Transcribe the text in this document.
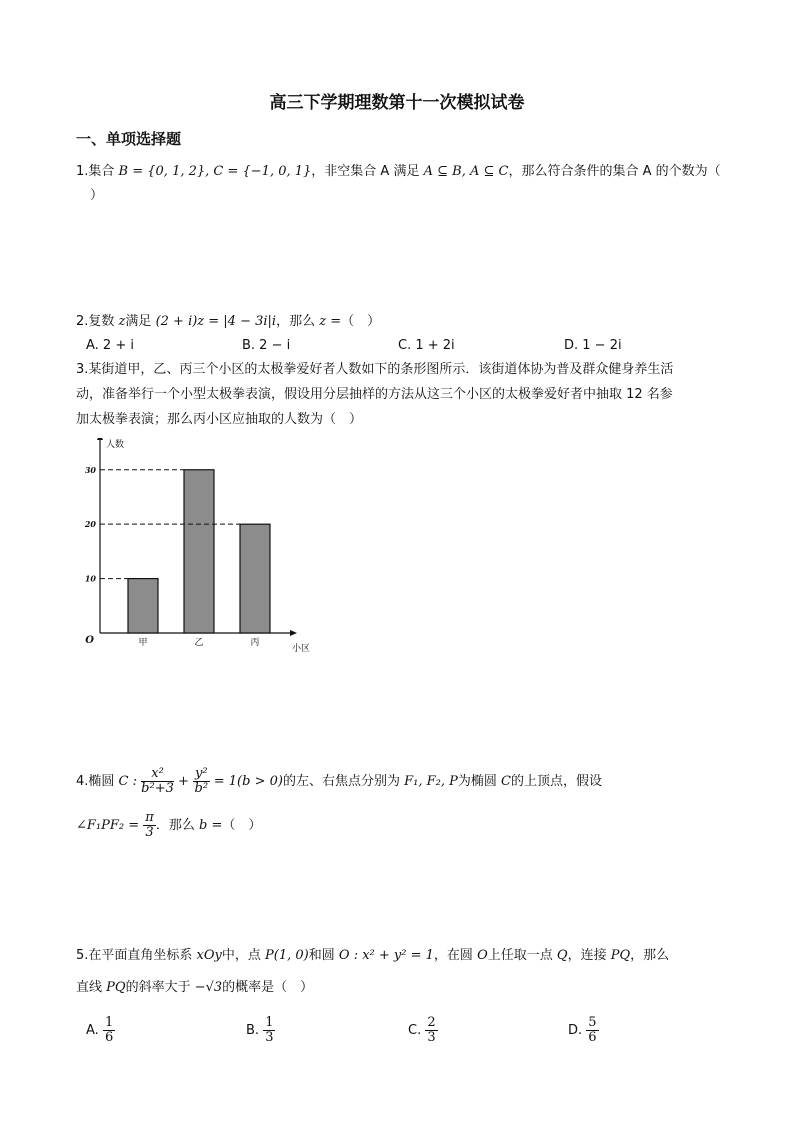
高三下学期理数第十一次模拟试卷
一、单项选择题
1.集合 B = {0, 1, 2}, C = {−1, 0, 1}，非空集合 A 满足 A ⊆ B, A ⊆ C，那么符合条件的集合 A 的个数为（
）
2.复数 z满足 (2 + i)z = |4 − 3i|i，那么 z =（　）
A. 2 + i	B. 2 − i	C. 1 + 2i	D. 1 − 2i
3.某街道甲，乙、丙三个小区的太极拳爱好者人数如下的条形图所示．该街道体协为普及群众健身养生活
动，准备举行一个小型太极拳表演，假设用分层抽样的方法从这三个小区的太极拳爱好者中抽取 12 名参
加太极拳表演；那么丙小区应抽取的人数为（　）
人数
小区
O	甲	乙	丙
10
20
30
4.椭圆 C : $\frac{\text{x²}}{\text{b²+3}} + \frac{\text{y²}}{\text{b²}} = 1(b > 0)$的左、右焦点分别为 F₁, F₂, P为椭圆 C的上顶点，假设
∠F₁PF₂ = $\frac{\pi}{3}$ ．那么 b =（　）
5.在平面直角坐标系 xOy中，点 P(1, 0)和圆 O : x² + y² = 1，在圆 O上任取一点 Q，连接 PQ，那么
直线 PQ的斜率大于 −√3的概率是（　）
A. $\frac{1}{6}$	B. $\frac{1}{3}$	C. $\frac{2}{3}$	D. $\frac{5}{6}$
